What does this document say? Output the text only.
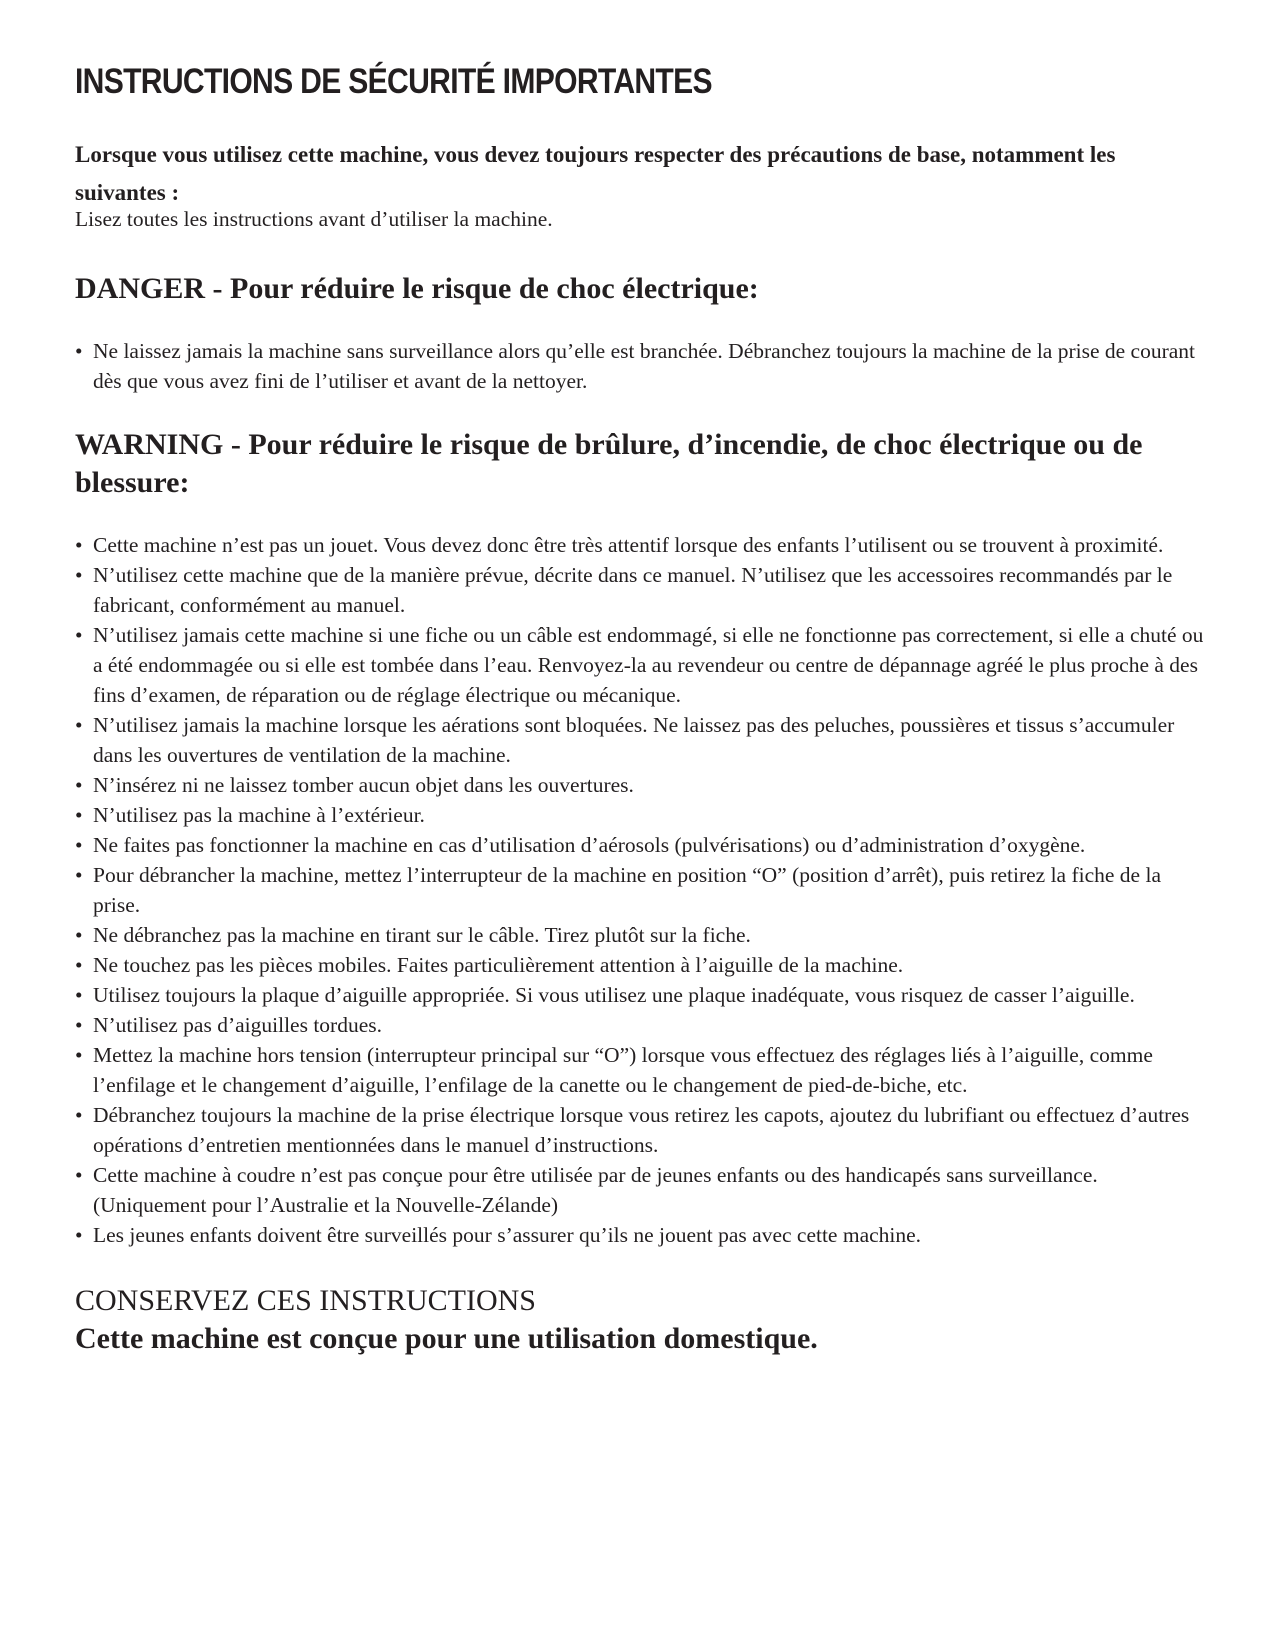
INSTRUCTIONS DE SÉCURITÉ IMPORTANTES

Lorsque vous utilisez cette machine, vous devez toujours respecter des précautions de base, notamment les suivantes :

Lisez toutes les instructions avant d’utiliser la machine.

DANGER - Pour réduire le risque de choc électrique:
• Ne laissez jamais la machine sans surveillance alors qu’elle est branchée. Débranchez toujours la machine de la prise de courant dès que vous avez fini de l’utiliser et avant de la nettoyer.
WARNING - Pour réduire le risque de brûlure, d’incendie, de choc électrique ou de blessure:
• Cette machine n’est pas un jouet. Vous devez donc être très attentif lorsque des enfants l’utilisent ou se trouvent à proximité.
• N’utilisez cette machine que de la manière prévue, décrite dans ce manuel. N’utilisez que les accessoires recommandés par le fabricant, conformément au manuel.
• N’utilisez jamais cette machine si une fiche ou un câble est endommagé, si elle ne fonctionne pas correctement, si elle a chuté ou a été endommagée ou si elle est tombée dans l’eau. Renvoyez-la au revendeur ou centre de dépannage agréé le plus proche à des fins d’examen, de réparation ou de réglage électrique ou mécanique.
• N’utilisez jamais la machine lorsque les aérations sont bloquées. Ne laissez pas des peluches, poussières et tissus s’accumuler dans les ouvertures de ventilation de la machine.
• N’insérez ni ne laissez tomber aucun objet dans les ouvertures.
• N’utilisez pas la machine à l’extérieur.
• Ne faites pas fonctionner la machine en cas d’utilisation d’aérosols (pulvérisations) ou d’administration d’oxygène.
• Pour débrancher la machine, mettez l’interrupteur de la machine en position “O” (position d’arrêt), puis retirez la fiche de la prise.
• Ne débranchez pas la machine en tirant sur le câble. Tirez plutôt sur la fiche.
• Ne touchez pas les pièces mobiles. Faites particulièrement attention à l’aiguille de la machine.
• Utilisez toujours la plaque d’aiguille appropriée. Si vous utilisez une plaque inadéquate, vous risquez de casser l’aiguille.
• N’utilisez pas d’aiguilles tordues.
• Mettez la machine hors tension (interrupteur principal sur “O”) lorsque vous effectuez des réglages liés à l’aiguille, comme l’enfilage et le changement d’aiguille, l’enfilage de la canette ou le changement de pied-de-biche, etc.
• Débranchez toujours la machine de la prise électrique lorsque vous retirez les capots, ajoutez du lubrifiant ou effectuez d’autres opérations d’entretien mentionnées dans le manuel d’instructions.
• Cette machine à coudre n’est pas conçue pour être utilisée par de jeunes enfants ou des handicapés sans surveillance. (Uniquement pour l’Australie et la Nouvelle-Zélande)
• Les jeunes enfants doivent être surveillés pour s’assurer qu’ils ne jouent pas avec cette machine.

CONSERVEZ CES INSTRUCTIONS

Cette machine est conçue pour une utilisation domestique.
